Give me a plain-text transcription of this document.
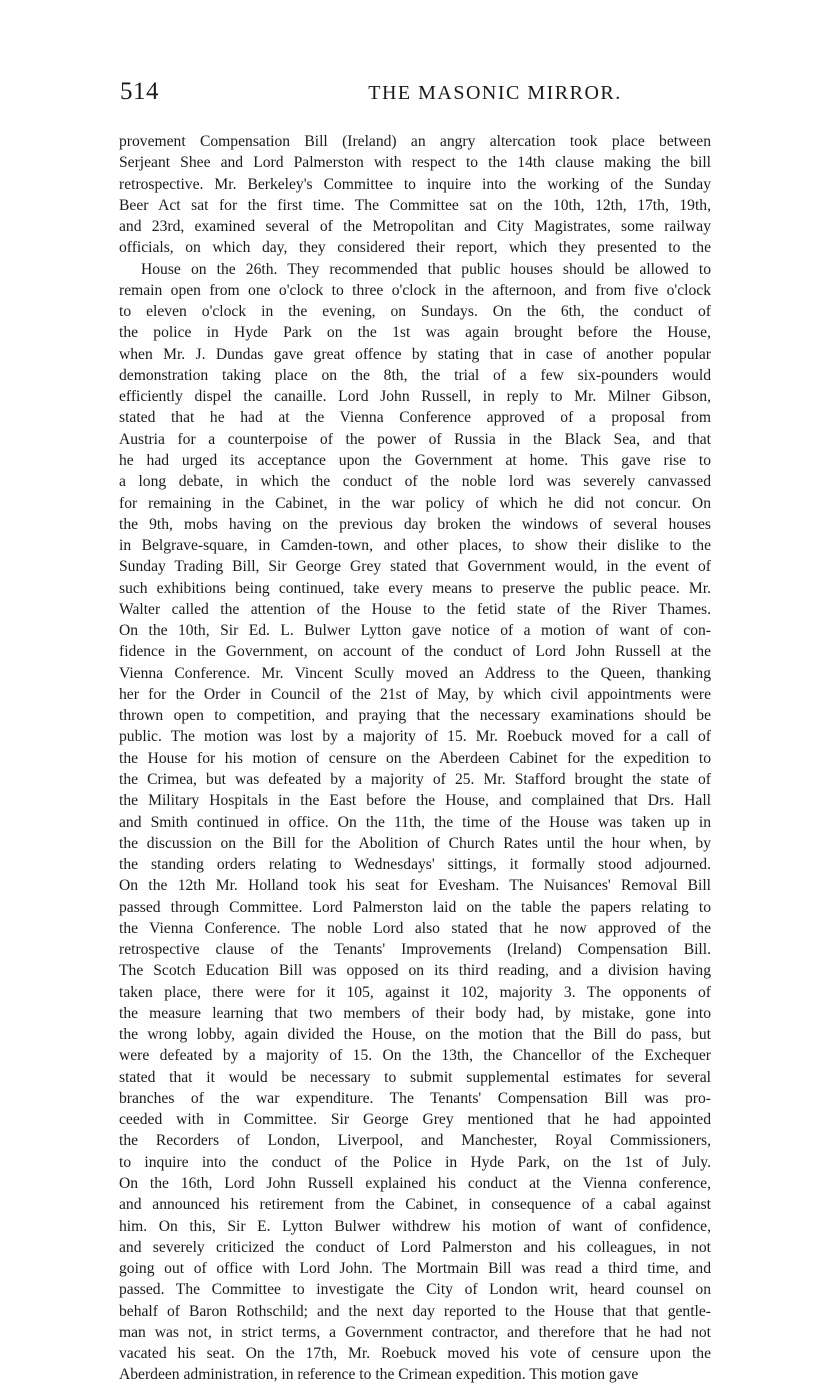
514	THE MASONIC MIRROR.
provement Compensation Bill (Ireland) an angry altercation took place between
Serjeant Shee and Lord Palmerston with respect to the 14th clause making the bill
retrospective. Mr. Berkeley's Committee to inquire into the working of the Sunday
Beer Act sat for the first time. The Committee sat on the 10th, 12th, 17th, 19th,
and 23rd, examined several of the Metropolitan and City Magistrates, some railway
officials, on which day, they considered their report, which they presented to the
House on the 26th. They recommended that public houses should be allowed to
remain open from one o'clock to three o'clock in the afternoon, and from five o'clock
to eleven o'clock in the evening, on Sundays. On the 6th, the conduct of
the police in Hyde Park on the 1st was again brought before the House,
when Mr. J. Dundas gave great offence by stating that in case of another popular
demonstration taking place on the 8th, the trial of a few six-pounders would
efficiently dispel the canaille. Lord John Russell, in reply to Mr. Milner Gibson,
stated that he had at the Vienna Conference approved of a proposal from
Austria for a counterpoise of the power of Russia in the Black Sea, and that
he had urged its acceptance upon the Government at home. This gave rise to
a long debate, in which the conduct of the noble lord was severely canvassed
for remaining in the Cabinet, in the war policy of which he did not concur. On
the 9th, mobs having on the previous day broken the windows of several houses
in Belgrave-square, in Camden-town, and other places, to show their dislike to the
Sunday Trading Bill, Sir George Grey stated that Government would, in the event of
such exhibitions being continued, take every means to preserve the public peace. Mr.
Walter called the attention of the House to the fetid state of the River Thames.
On the 10th, Sir Ed. L. Bulwer Lytton gave notice of a motion of want of con-
fidence in the Government, on account of the conduct of Lord John Russell at the
Vienna Conference. Mr. Vincent Scully moved an Address to the Queen, thanking
her for the Order in Council of the 21st of May, by which civil appointments were
thrown open to competition, and praying that the necessary examinations should be
public. The motion was lost by a majority of 15. Mr. Roebuck moved for a call of
the House for his motion of censure on the Aberdeen Cabinet for the expedition to
the Crimea, but was defeated by a majority of 25. Mr. Stafford brought the state of
the Military Hospitals in the East before the House, and complained that Drs. Hall
and Smith continued in office. On the 11th, the time of the House was taken up in
the discussion on the Bill for the Abolition of Church Rates until the hour when, by
the standing orders relating to Wednesdays' sittings, it formally stood adjourned.
On the 12th Mr. Holland took his seat for Evesham. The Nuisances' Removal Bill
passed through Committee. Lord Palmerston laid on the table the papers relating to
the Vienna Conference. The noble Lord also stated that he now approved of the
retrospective clause of the Tenants' Improvements (Ireland) Compensation Bill.
The Scotch Education Bill was opposed on its third reading, and a division having
taken place, there were for it 105, against it 102, majority 3. The opponents of
the measure learning that two members of their body had, by mistake, gone into
the wrong lobby, again divided the House, on the motion that the Bill do pass, but
were defeated by a majority of 15. On the 13th, the Chancellor of the Exchequer
stated that it would be necessary to submit supplemental estimates for several
branches of the war expenditure. The Tenants' Compensation Bill was pro-
ceeded with in Committee. Sir George Grey mentioned that he had appointed
the Recorders of London, Liverpool, and Manchester, Royal Commissioners,
to inquire into the conduct of the Police in Hyde Park, on the 1st of July.
On the 16th, Lord John Russell explained his conduct at the Vienna conference,
and announced his retirement from the Cabinet, in consequence of a cabal against
him. On this, Sir E. Lytton Bulwer withdrew his motion of want of confidence,
and severely criticized the conduct of Lord Palmerston and his colleagues, in not
going out of office with Lord John. The Mortmain Bill was read a third time, and
passed. The Committee to investigate the City of London writ, heard counsel on
behalf of Baron Rothschild; and the next day reported to the House that that gentle-
man was not, in strict terms, a Government contractor, and therefore that he had not
vacated his seat. On the 17th, Mr. Roebuck moved his vote of censure upon the
Aberdeen administration, in reference to the Crimean expedition. This motion gave
